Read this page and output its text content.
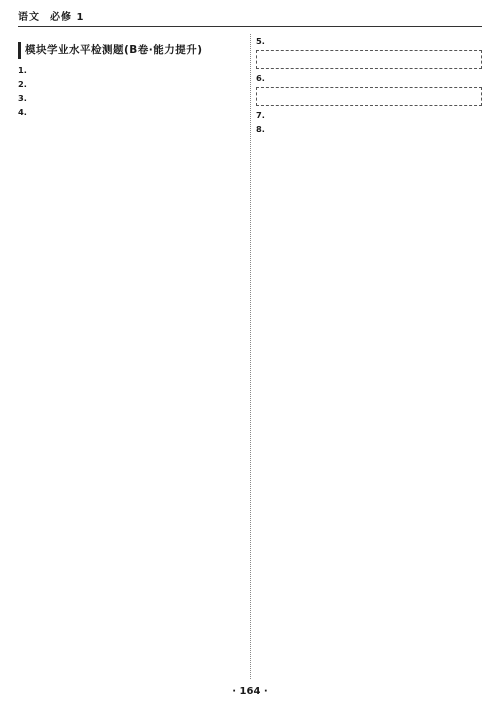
语文 必修 1

模块学业水平检测题(B卷·能力提升)
1.
2.
3.
4.
5.
6.
7.
8.
· 164 ·
